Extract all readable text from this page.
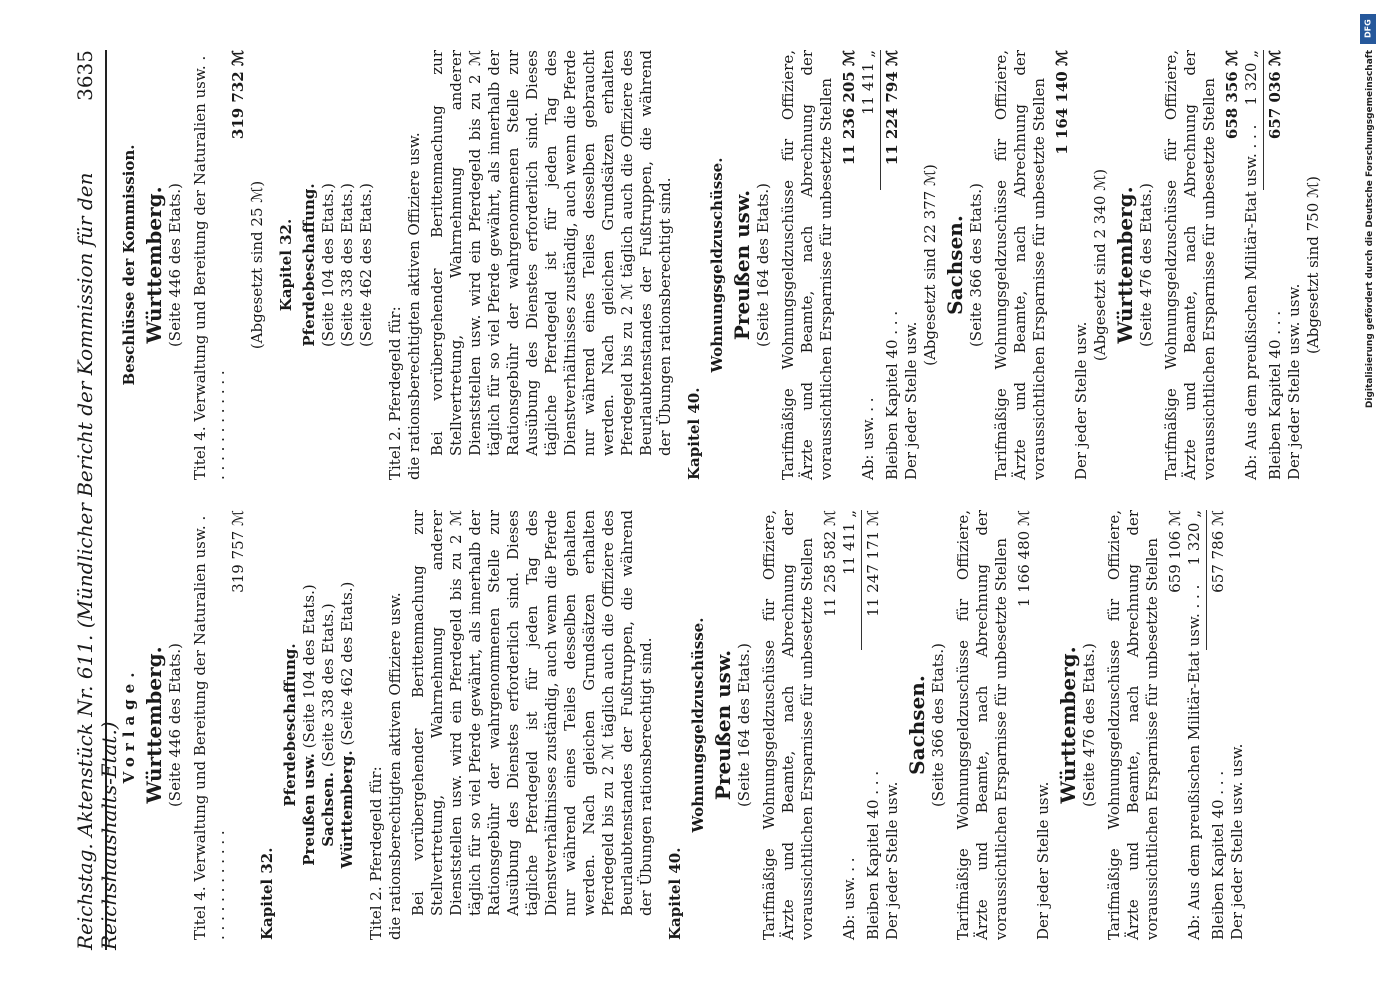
Reichstag. Aktenstück Nr. 611. (Mündlicher Bericht der Kommission für den Reichshaushalts-Etat.)
3635
Vorlage. Württemberg. (Seite 446 des Etats.)
Titel 4. Verwaltung und Bereitung der Naturalien usw. . . . . . . . . . . . . .
319 757 ℳ
Kapitel 32.
Pferdebeschaffung.
Preußen usw. (Seite 104 des Etats.)
Sachsen. (Seite 338 des Etats.)
Württemberg. (Seite 462 des Etats.)
Titel 2. Pferdegeld für: die rationsberechtigten aktiven Offiziere usw. Bei vorübergehender Berittenmachung zur Stellvertretung, Wahrnehmung anderer Dienststellen usw. wird ein Pferdegeld bis zu 2 ℳ täglich für so viel Pferde gewährt, als innerhalb der Rationsgebühr der wahrgenommenen Stelle zur Ausübung des Dienstes erforderlich sind. Dieses tägliche Pferdegeld ist für jeden Tag des Dienstverhältnisses zuständig, auch wenn die Pferde nur während eines Teiles desselben gehalten werden. Nach gleichen Grundsätzen erhalten Pferdegeld bis zu 2 ℳ täglich auch die Offiziere des Beurlaubtenstandes der Fußtruppen, die während der Übungen rationsberechtigt sind. Kapitel 40.
Wohnungsgeldzuschüsse. Preußen usw. (Seite 164 des Etats.) Tarifmäßige Wohnungsgeldzuschüsse für Offiziere, Ärzte und Beamte, nach Abrechnung der voraussichtlichen Ersparnisse für unbesetzte Stellen 11 258 582 ℳ
Ab: usw. . .
11 411 „
Bleiben Kapitel 40 . . .
11 247 171 ℳ
Der jeder Stelle usw.
Sachsen. (Seite 366 des Etats.) Tarifmäßige Wohnungsgeldzuschüsse für Offiziere, Ärzte und Beamte, nach Abrechnung der voraussichtlichen Ersparnisse für unbesetzte Stellen 1 166 480 ℳ
Der jeder Stelle usw.
Württemberg. (Seite 476 des Etats.) Tarifmäßige Wohnungsgeldzuschüsse für Offiziere, Ärzte und Beamte, nach Abrechnung der voraussichtlichen Ersparnisse für unbesetzte Stellen 659 106 ℳ
Ab: Aus dem preußischen Militär-Etat usw. . . .
1 320 „
Bleiben Kapitel 40 . . .
657 786 ℳ
Der jeder Stelle usw. usw.
Beschlüsse der Kommission. Württemberg. (Seite 446 des Etats.)
Titel 4. Verwaltung und Bereitung der Naturalien usw. . . . . . . . . . . . . .
319 732 ℳ
(Abgesetzt sind 25 ℳ) Kapitel 32. Pferdebeschaffung. (Seite 104 des Etats.) (Seite 338 des Etats.) (Seite 462 des Etats.)
Titel 2. Pferdegeld für: die rationsberechtigten aktiven Offiziere usw. Bei vorübergehender Berittenmachung zur Stellvertretung, Wahrnehmung anderer Dienststellen usw. wird ein Pferdegeld bis zu 2 ℳ täglich für so viel Pferde gewährt, als innerhalb der Rationsgebühr der wahrgenommenen Stelle zur Ausübung des Dienstes erforderlich sind. Dieses tägliche Pferdegeld ist für jeden Tag des Dienstverhältnisses zuständig, auch wenn die Pferde nur während eines Teiles desselben gebraucht werden. Nach gleichen Grundsätzen erhalten Pferdegeld bis zu 2 ℳ täglich auch die Offiziere des Beurlaubtenstandes der Fußtruppen, die während der Übungen rationsberechtigt sind. Kapitel 40.
Wohnungsgeldzuschüsse. Preußen usw. (Seite 164 des Etats.) Tarifmäßige Wohnungsgeldzuschüsse für Offiziere, Ärzte und Beamte, nach Abrechnung der voraussichtlichen Ersparnisse für unbesetzte Stellen 11 236 205 ℳ
Ab: usw. . .
11 411 „
Bleiben Kapitel 40 . . .
11 224 794 ℳ
Der jeder Stelle usw.
(Abgesetzt sind 22 377 ℳ) Sachsen. (Seite 366 des Etats.) Tarifmäßige Wohnungsgeldzuschüsse für Offiziere, Ärzte und Beamte, nach Abrechnung der voraussichtlichen Ersparnisse für unbesetzte Stellen 1 164 140 ℳ
Der jeder Stelle usw.
(Abgesetzt sind 2 340 ℳ) Württemberg. (Seite 476 des Etats.) Tarifmäßige Wohnungsgeldzuschüsse für Offiziere, Ärzte und Beamte, nach Abrechnung der voraussichtlichen Ersparnisse für unbesetzte Stellen 658 356 ℳ
Ab: Aus dem preußischen Militär-Etat usw. . . .
1 320 „
Bleiben Kapitel 40 . . .
657 036 ℳ
Der jeder Stelle usw. usw.
(Abgesetzt sind 750 ℳ)
DFG
Digitalisierung gefördert durch die Deutsche Forschungsgemeinschaft
